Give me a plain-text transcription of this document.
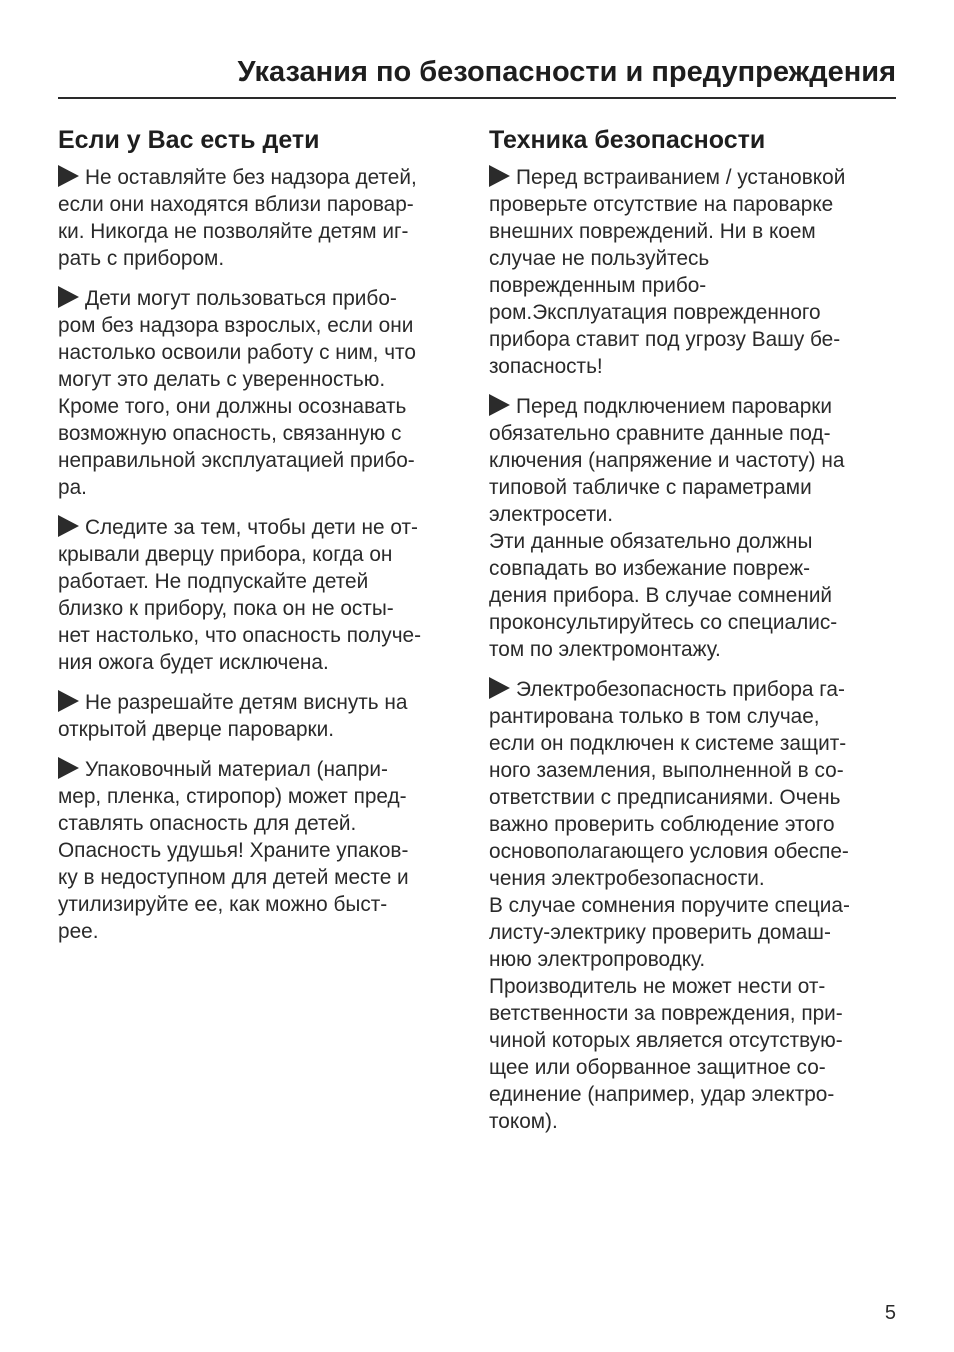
Указания по безопасности и предупреждения
Если у Вас есть дети
Не оставляйте без надзора детей,
если они находятся вблизи паровар-
ки. Никогда не позволяйте детям иг-
рать с прибором.
Дети могут пользоваться прибо-
ром без надзора взрослых, если они
настолько освоили работу с ним, что
могут это делать с уверенностью.
Кроме того, они должны осознавать
возможную опасность, связанную с
неправильной эксплуатацией прибо-
ра.
Следите за тем, чтобы дети не от-
крывали дверцу прибора, когда он
работает. Не подпускайте детей
близко к прибору, пока он не осты-
нет настолько, что опасность получе-
ния ожога будет исключена.
Не разрешайте детям виснуть на
открытой дверце пароварки.
Упаковочный материал (напри-
мер, пленка, стиропор) может пред-
ставлять опасность для детей.
Опасность удушья! Храните упаков-
ку в недоступном для детей месте и
утилизируйте ее, как можно быст-
рее.
Техника безопасности
Перед встраиванием / установкой
проверьте отсутствие на пароварке
внешних повреждений. Ни в коем
случае не пользуйтесь
поврежденным прибо-
ром.Эксплуатация поврежденного
прибора ставит под угрозу Вашу бе-
зопасность!
Перед подключением пароварки
обязательно сравните данные под-
ключения (напряжение и частоту) на
типовой табличке с параметрами
электросети.
Эти данные обязательно должны
совпадать во избежание повреж-
дения прибора. В случае сомнений
проконсультируйтесь со специалис-
том по электромонтажу.
Электробезопасность прибора га-
рантирована только в том случае,
если он подключен к системе защит-
ного заземления, выполненной в со-
ответствии с предписаниями. Очень
важно проверить соблюдение этого
основополагающего условия обеспе-
чения электробезопасности.
В случае сомнения поручите специа-
листу-электрику проверить домаш-
нюю электропроводку.
Производитель не может нести от-
ветственности за повреждения, при-
чиной которых является отсутствую-
щее или оборванное защитное со-
единение (например, удар электро-
током).
5
